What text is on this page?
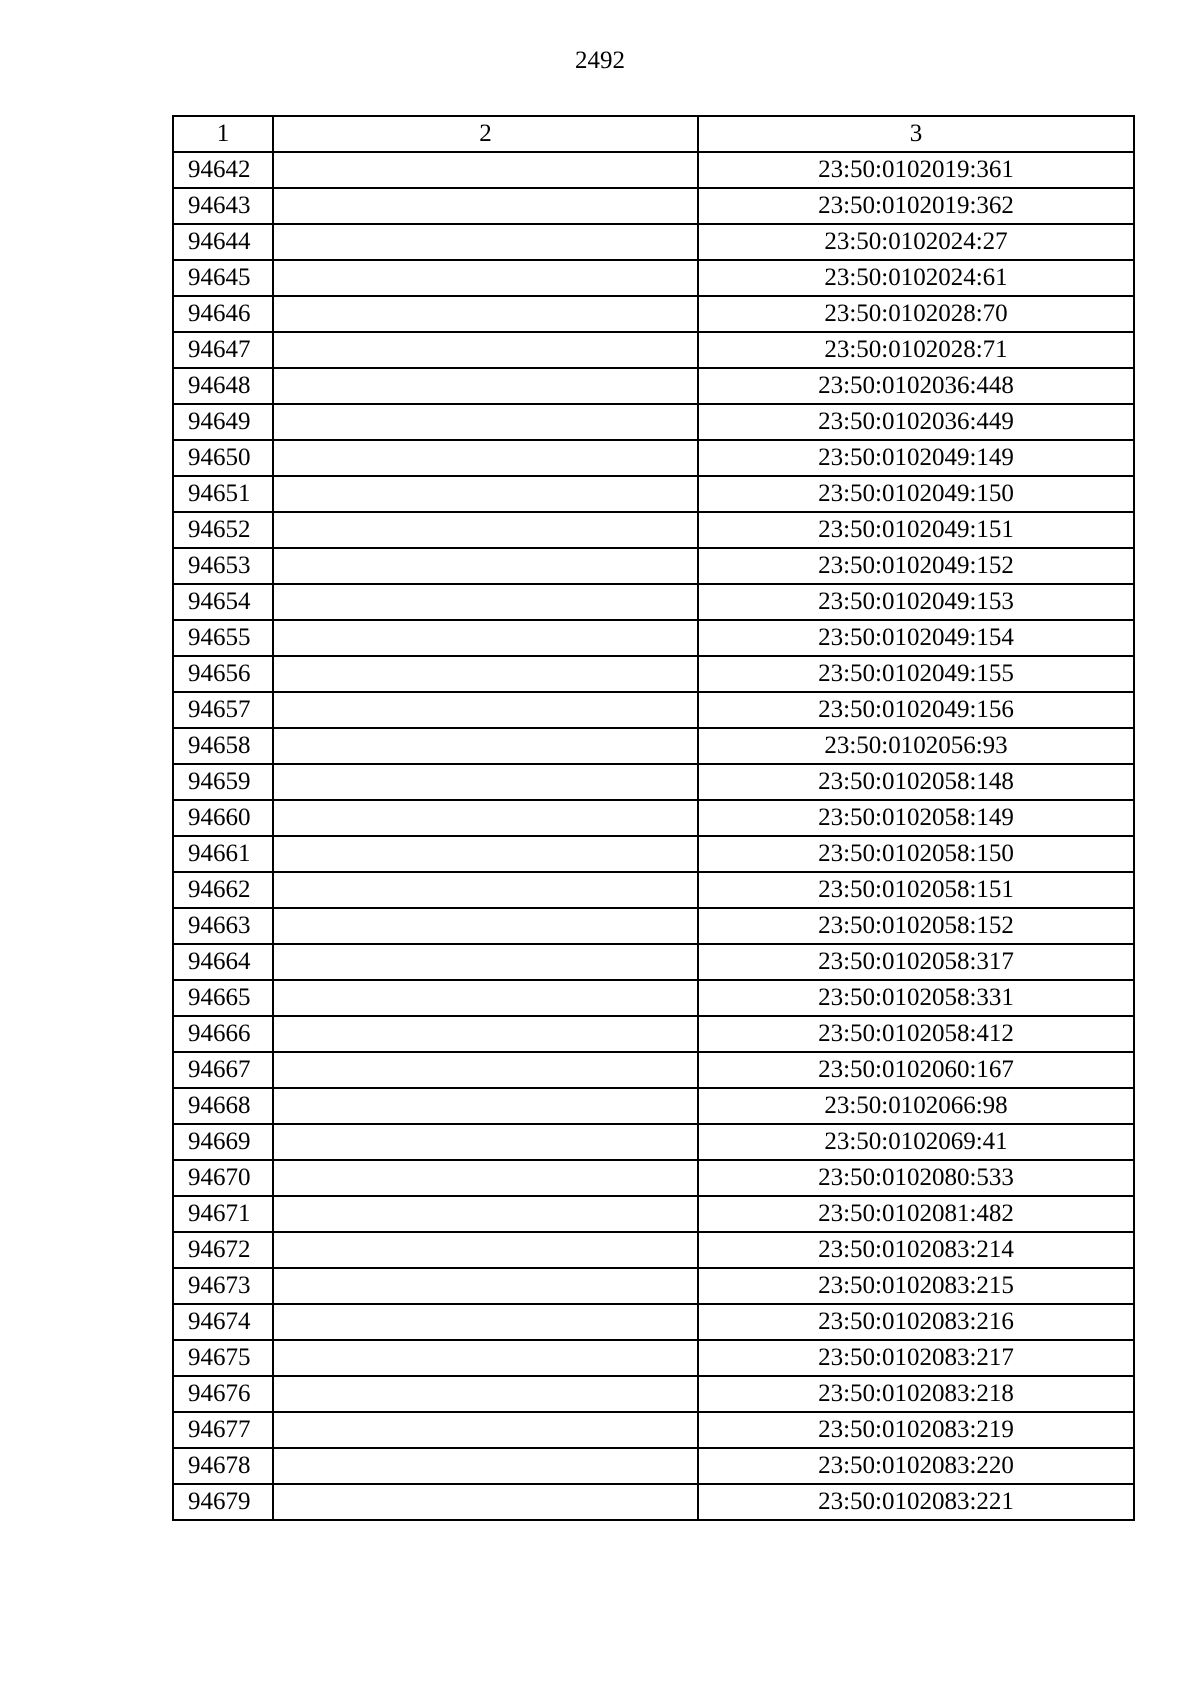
2492
1	2	3
94642		23:50:0102019:361
94643		23:50:0102019:362
94644		23:50:0102024:27
94645		23:50:0102024:61
94646		23:50:0102028:70
94647		23:50:0102028:71
94648		23:50:0102036:448
94649		23:50:0102036:449
94650		23:50:0102049:149
94651		23:50:0102049:150
94652		23:50:0102049:151
94653		23:50:0102049:152
94654		23:50:0102049:153
94655		23:50:0102049:154
94656		23:50:0102049:155
94657		23:50:0102049:156
94658		23:50:0102056:93
94659		23:50:0102058:148
94660		23:50:0102058:149
94661		23:50:0102058:150
94662		23:50:0102058:151
94663		23:50:0102058:152
94664		23:50:0102058:317
94665		23:50:0102058:331
94666		23:50:0102058:412
94667		23:50:0102060:167
94668		23:50:0102066:98
94669		23:50:0102069:41
94670		23:50:0102080:533
94671		23:50:0102081:482
94672		23:50:0102083:214
94673		23:50:0102083:215
94674		23:50:0102083:216
94675		23:50:0102083:217
94676		23:50:0102083:218
94677		23:50:0102083:219
94678		23:50:0102083:220
94679		23:50:0102083:221
